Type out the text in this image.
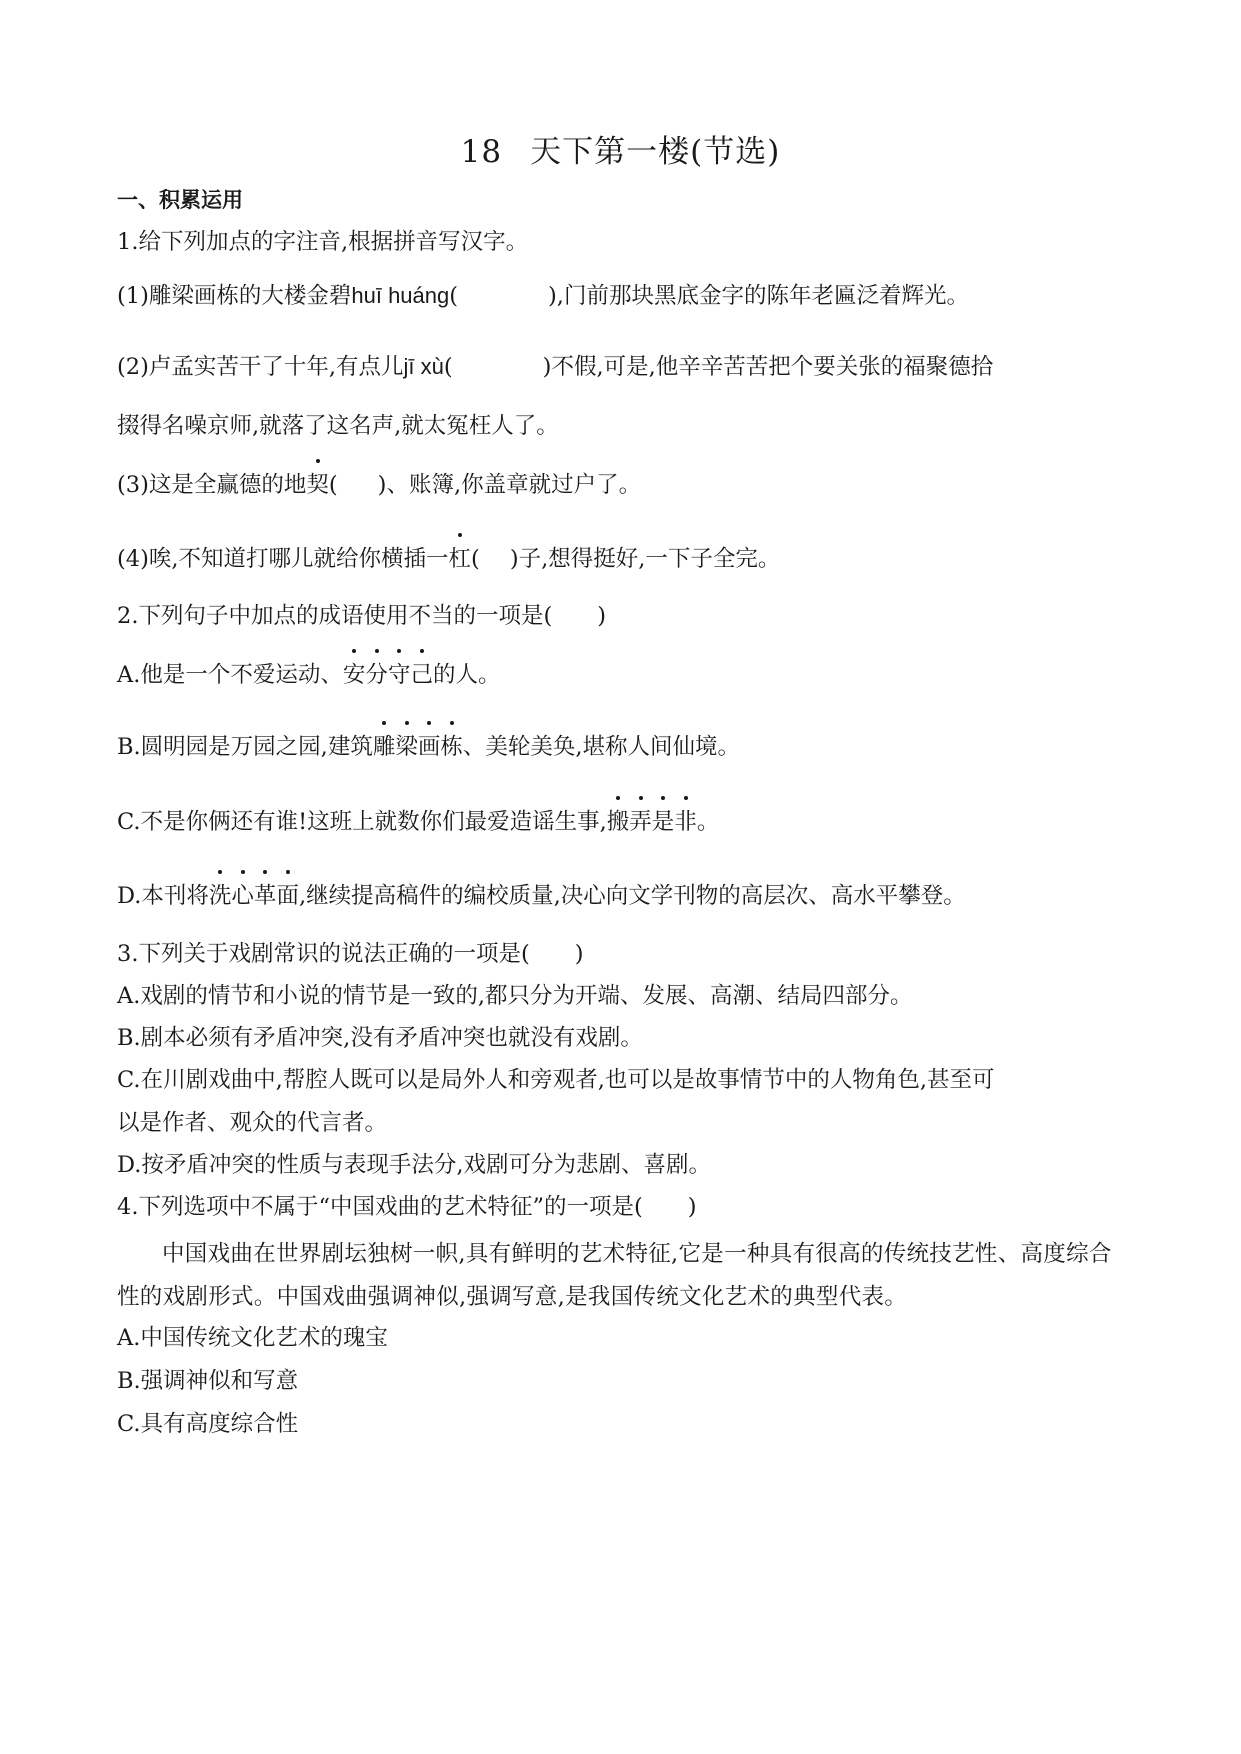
18 天下第一楼(节选)
一、积累运用
1.给下列加点的字注音,根据拼音写汉字。
(1)雕梁画栋的大楼金碧huī huáng(	),门前那块黑底金字的陈年老匾泛着辉光。
(2)卢孟实苦干了十年,有点儿jī xù(	)不假,可是,他辛辛苦苦把个要关张的福聚德拾
掇得名噪京师,就落了这名声,就太冤枉人了。
(3)这是全赢德的地契( )、账簿,你盖章就过户了。
(4)唉,不知道打哪儿就给你横插一杠( )子,想得挺好,一下子全完。
2.下列句子中加点的成语使用不当的一项是(　　)
A.他是一个不爱运动、安分守己的人。
B.圆明园是万园之园,建筑雕梁画栋、美轮美奂,堪称人间仙境。
C.不是你俩还有谁!这班上就数你们最爱造谣生事,搬弄是非。
D.本刊将洗心革面,继续提高稿件的编校质量,决心向文学刊物的高层次、高水平攀登。
3.下列关于戏剧常识的说法正确的一项是(　　)
A.戏剧的情节和小说的情节是一致的,都只分为开端、发展、高潮、结局四部分。
B.剧本必须有矛盾冲突,没有矛盾冲突也就没有戏剧。
C.在川剧戏曲中,帮腔人既可以是局外人和旁观者,也可以是故事情节中的人物角色,甚至可
以是作者、观众的代言者。
D.按矛盾冲突的性质与表现手法分,戏剧可分为悲剧、喜剧。
4.下列选项中不属于“中国戏曲的艺术特征”的一项是(　　)
中国戏曲在世界剧坛独树一帜,具有鲜明的艺术特征,它是一种具有很高的传统技艺性、高度综合性的戏剧形式。中国戏曲强调神似,强调写意,是我国传统文化艺术的典型代表。
A.中国传统文化艺术的瑰宝
B.强调神似和写意
C.具有高度综合性
